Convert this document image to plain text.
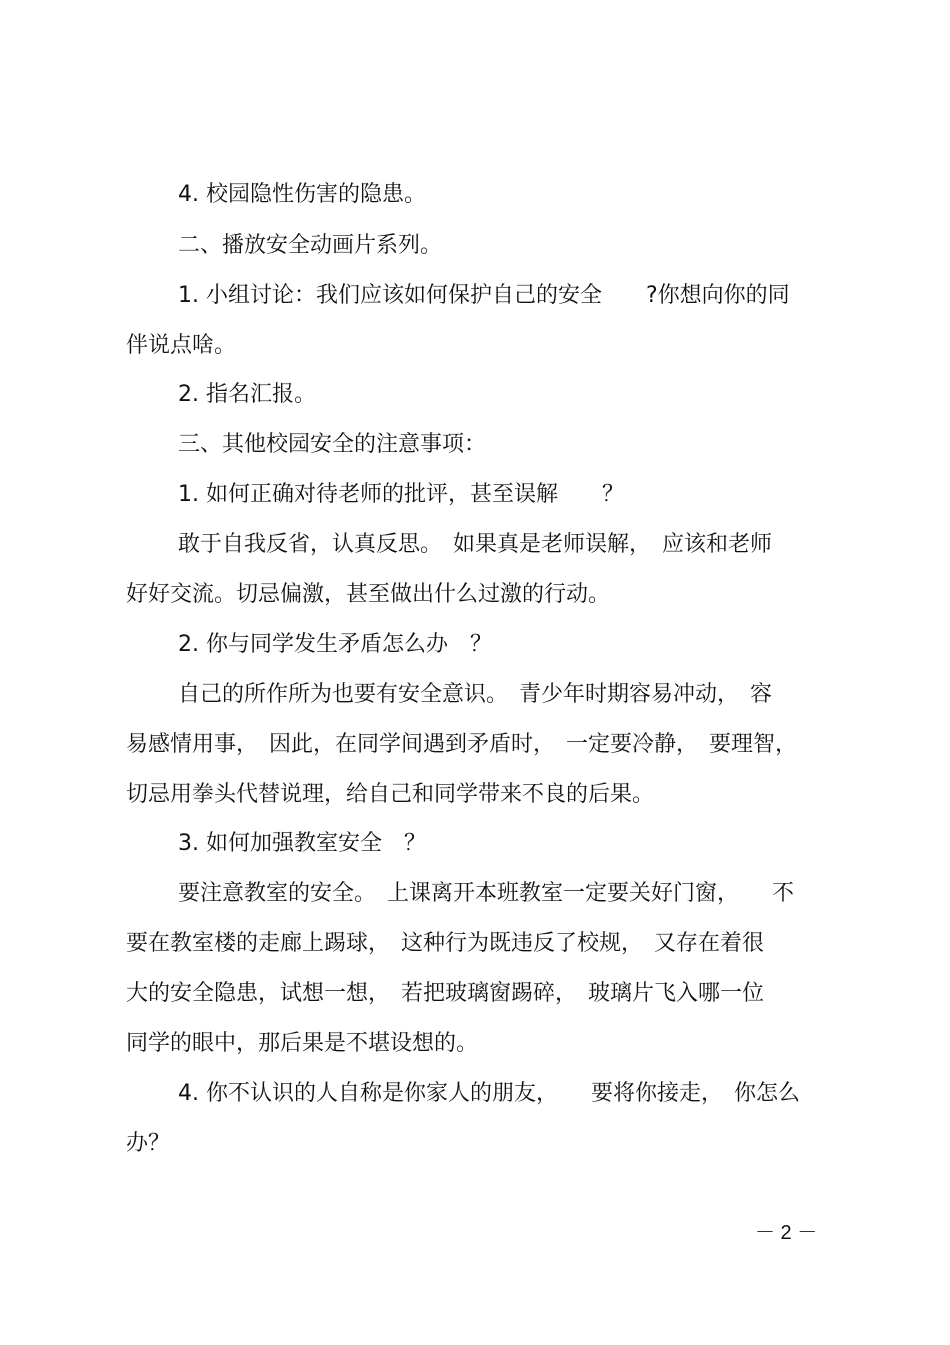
4. 校园隐性伤害的隐患。

二、播放安全动画片系列。

1. 小组讨论：我们应该如何保护自己的安全　　?你想向你的同

伴说点啥。

2. 指名汇报。

三、其他校园安全的注意事项：

1. 如何正确对待老师的批评，甚至误解　　？

敢于自我反省，认真反思。　如果真是老师误解，　应该和老师

好好交流。切忌偏激，甚至做出什么过激的行动。

2. 你与同学发生矛盾怎么办　？

自己的所作所为也要有安全意识。　青少年时期容易冲动，　容

易感情用事，　因此，在同学间遇到矛盾时，　一定要冷静，　要理智，

切忌用拳头代替说理，给自己和同学带来不良的后果。

3. 如何加强教室安全　？

要注意教室的安全。　上课离开本班教室一定要关好门窗，　　不

要在教室楼的走廊上踢球，　这种行为既违反了校规，　又存在着很

大的安全隐患，试想一想，　若把玻璃窗踢碎，　玻璃片飞入哪一位

同学的眼中，那后果是不堪设想的。

4. 你不认识的人自称是你家人的朋友，　　要将你接走，　你怎么

办？

－ 2 －
